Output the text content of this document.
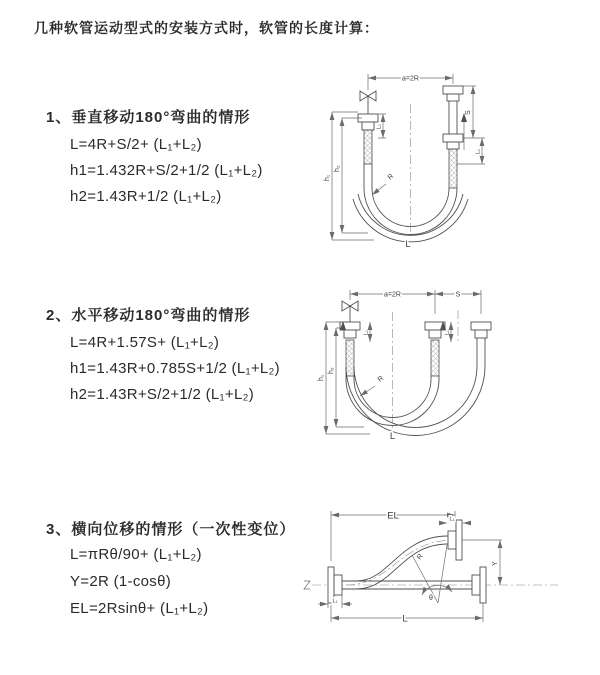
几种软管运动型式的安装方式时，软管的长度计算：
1、垂直移动180°弯曲的情形
L=4R+S/2+ (L₁+L₂)
h1=1.432R+S/2+1/2 (L₁+L₂)
h2=1.43R+1/2 (L₁+L₂)
2、水平移动180°弯曲的情形
L=4R+1.57S+ (L₁+L₂)
h1=1.43R+0.785S+1/2 (L₁+L₂)
h2=1.43R+S/2+1/2 (L₁+L₂)
3、横向位移的情形（一次性变位）
L=πRθ/90+ (L₁+L₂)
Y=2R (1-cosθ)
EL=2Rsinθ+ (L₁+L₂)
a=2R
R
h₁
h₂
L₁
S
L₁
L
a=2R	S
R
h₁
h₂
L₁	L₁
L
EL	L₁
Y
R
θ
L
L₁
